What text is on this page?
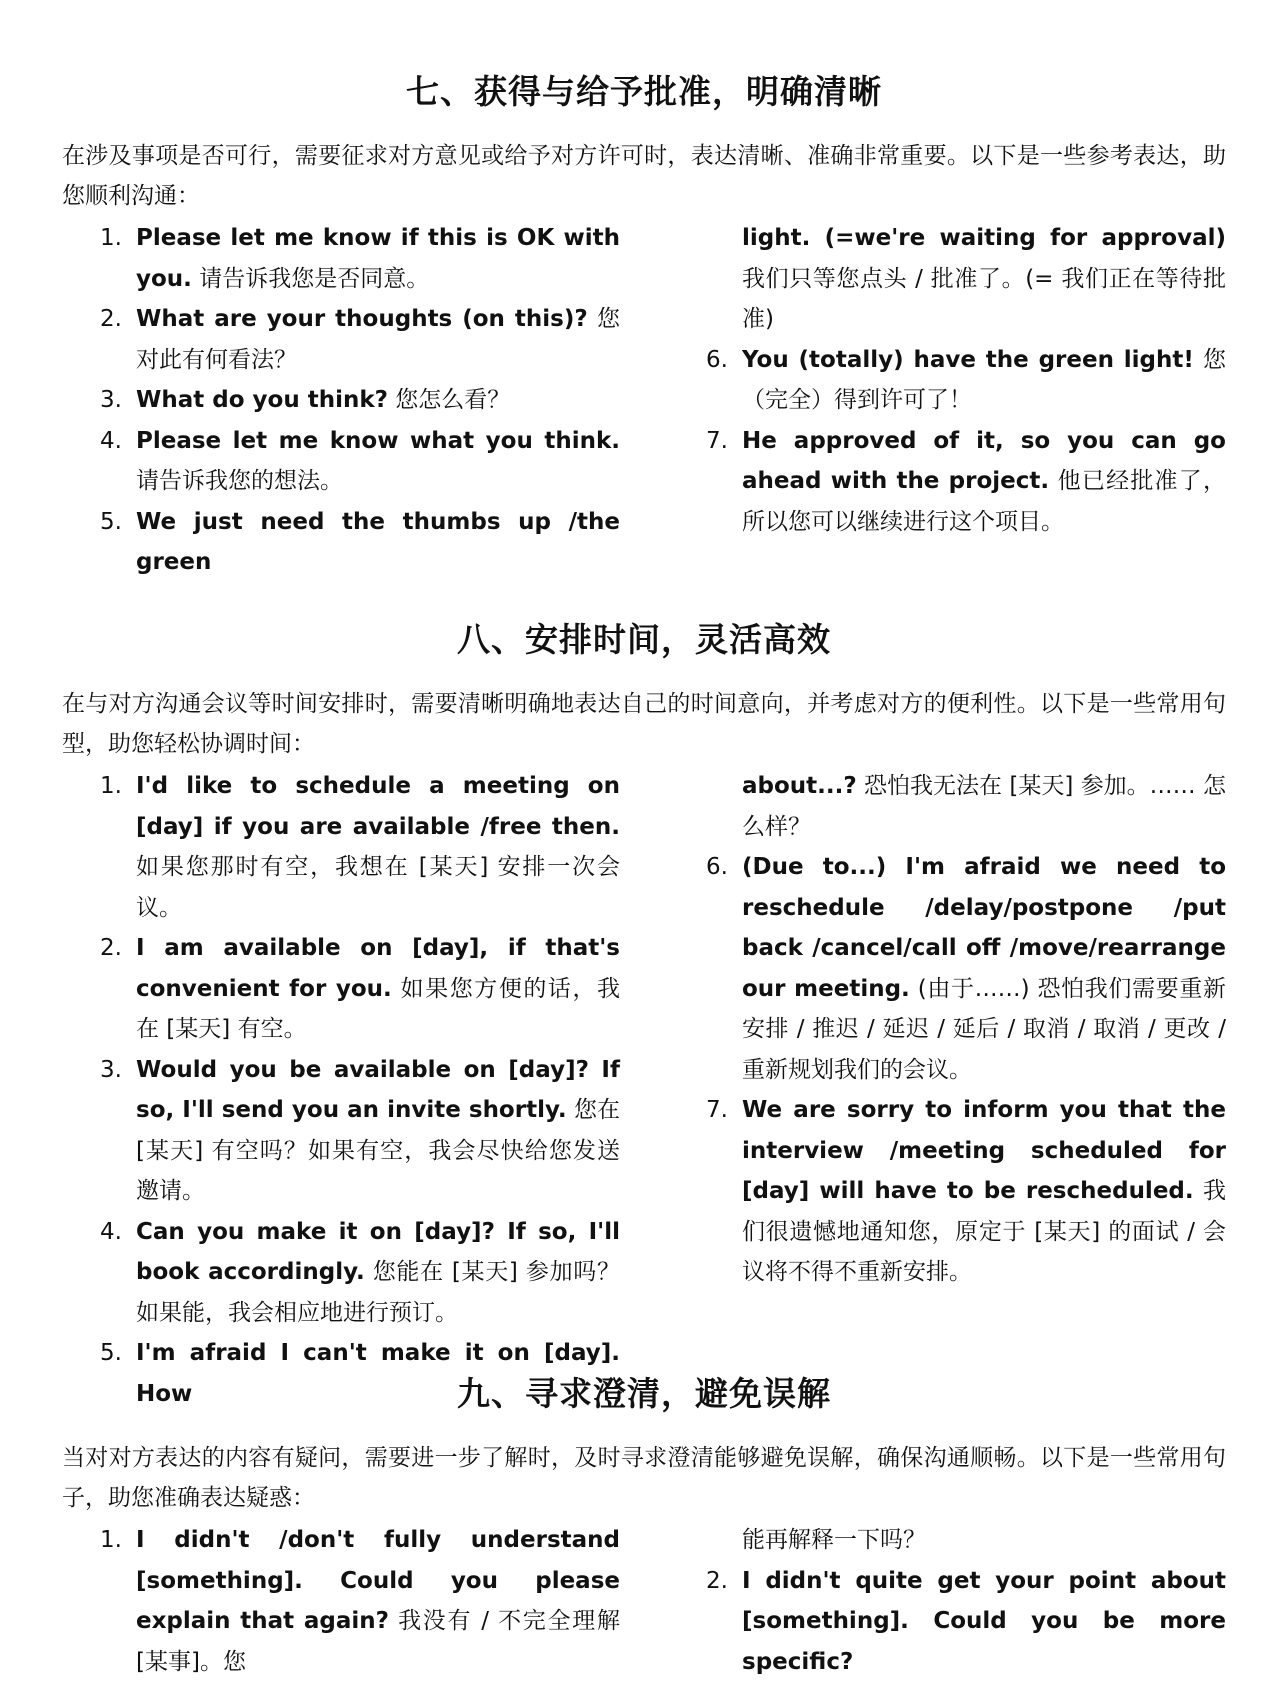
七、获得与给予批准，明确清晰

在涉及事项是否可行，需要征求对方意见或给予对方许可时，表达清晰、准确非常重要。以下是一些参考表达，助您顺利沟通：

1. Please let me know if this is OK with you. 请告诉我您是否同意。
2. What are your thoughts (on this)? 您对此有何看法？
3. What do you think? 您怎么看？
4. Please let me know what you think. 请告诉我您的想法。
5. We just need the thumbs up /the green
light. (=we're waiting for approval) 我们只等您点头 / 批准了。(= 我们正在等待批准)
6. You (totally) have the green light! 您（完全）得到许可了！
7. He approved of it, so you can go ahead with the project. 他已经批准了，所以您可以继续进行这个项目。
八、安排时间，灵活高效

在与对方沟通会议等时间安排时，需要清晰明确地表达自己的时间意向，并考虑对方的便利性。以下是一些常用句型，助您轻松协调时间：

1. I'd like to schedule a meeting on [day] if you are available /free then. 如果您那时有空，我想在 [某天] 安排一次会议。
2. I am available on [day], if that's convenient for you. 如果您方便的话，我在 [某天] 有空。
3. Would you be available on [day]? If so, I'll send you an invite shortly. 您在 [某天] 有空吗？如果有空，我会尽快给您发送邀请。
4. Can you make it on [day]? If so, I'll book accordingly. 您能在 [某天] 参加吗？如果能，我会相应地进行预订。
5. I'm afraid I can't make it on [day]. How
about...? 恐怕我无法在 [某天] 参加。…… 怎么样？
6. (Due to...) I'm afraid we need to reschedule /delay/postpone /put back /cancel/call off /move/rearrange our meeting. (由于……) 恐怕我们需要重新安排 / 推迟 / 延迟 / 延后 / 取消 / 取消 / 更改 / 重新规划我们的会议。
7. We are sorry to inform you that the interview /meeting scheduled for [day] will have to be rescheduled. 我们很遗憾地通知您，原定于 [某天] 的面试 / 会议将不得不重新安排。
九、寻求澄清，避免误解

当对对方表达的内容有疑问，需要进一步了解时，及时寻求澄清能够避免误解，确保沟通顺畅。以下是一些常用句子，助您准确表达疑惑：

1. I didn't /don't fully understand [something]. Could you please explain that again? 我没有 / 不完全理解 [某事]。您
能再解释一下吗？
2. I didn't quite get your point about [something]. Could you be more specific?
